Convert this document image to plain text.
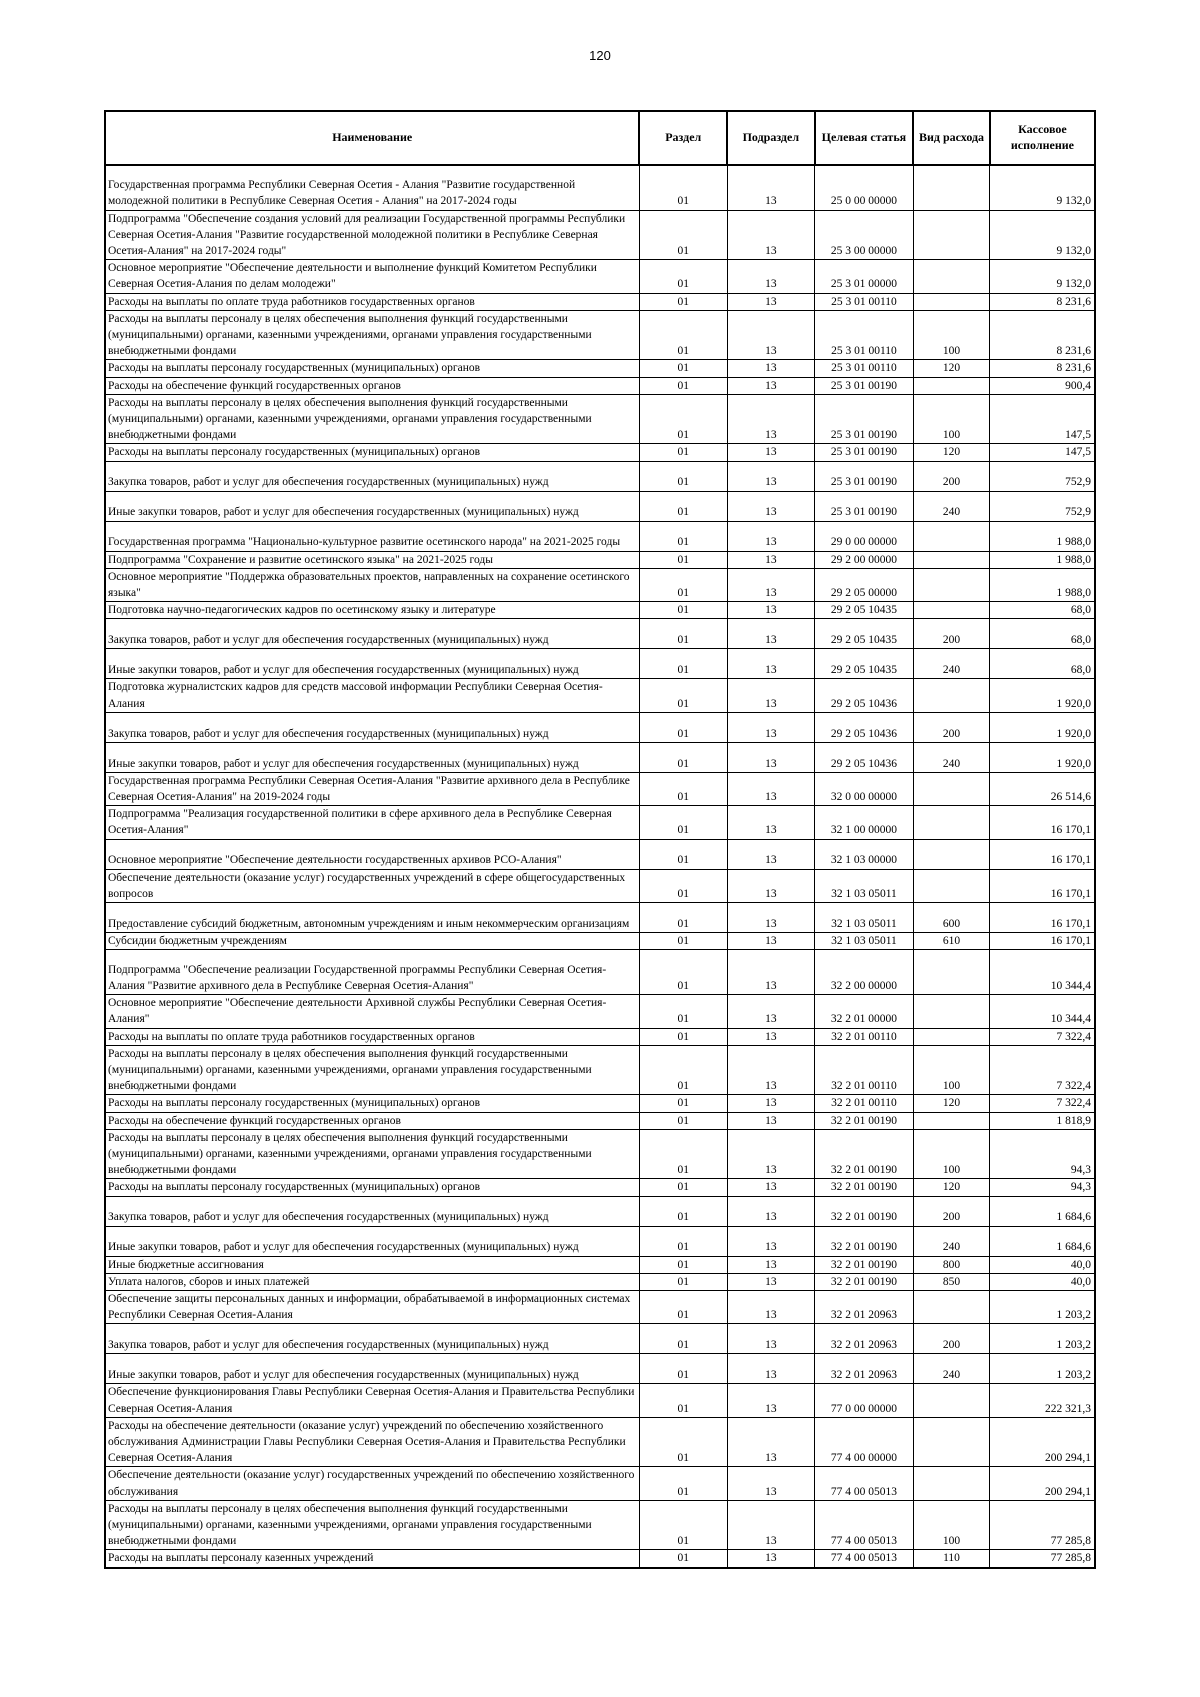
120
Наименование	Раздел	Подраздел	Целевая статья	Вид расхода	Кассовое исполнение
Государственная программа Республики Северная Осетия - Алания "Развитие государственной молодежной политики в Республике Северная Осетия - Алания" на 2017-2024 годы	01	13	25 0 00 00000		9 132,0
Подпрограмма "Обеспечение создания условий для реализации Государственной программы Республики Северная Осетия-Алания "Развитие государственной молодежной политики в Республике Северная Осетия-Алания" на 2017-2024 годы"	01	13	25 3 00 00000		9 132,0
Основное мероприятие "Обеспечение деятельности и выполнение функций Комитетом Республики Северная Осетия-Алания по делам молодежи"	01	13	25 3 01 00000		9 132,0
Расходы на выплаты по оплате труда работников государственных органов	01	13	25 3 01 00110		8 231,6
Расходы на выплаты персоналу в целях обеспечения выполнения функций государственными (муниципальными) органами, казенными учреждениями, органами управления государственными внебюджетными фондами	01	13	25 3 01 00110	100	8 231,6
Расходы на выплаты персоналу государственных (муниципальных) органов	01	13	25 3 01 00110	120	8 231,6
Расходы на обеспечение функций государственных органов	01	13	25 3 01 00190		900,4
Расходы на выплаты персоналу в целях обеспечения выполнения функций государственными (муниципальными) органами, казенными учреждениями, органами управления государственными внебюджетными фондами	01	13	25 3 01 00190	100	147,5
Расходы на выплаты персоналу государственных (муниципальных) органов	01	13	25 3 01 00190	120	147,5
Закупка товаров, работ и услуг для обеспечения государственных (муниципальных) нужд	01	13	25 3 01 00190	200	752,9
Иные закупки товаров, работ и услуг для обеспечения государственных (муниципальных) нужд	01	13	25 3 01 00190	240	752,9
Государственная программа "Национально-культурное развитие осетинского народа" на 2021-2025 годы	01	13	29 0 00 00000		1 988,0
Подпрограмма "Сохранение и развитие осетинского языка" на 2021-2025 годы	01	13	29 2 00 00000		1 988,0
Основное мероприятие "Поддержка образовательных проектов, направленных на сохранение осетинского языка"	01	13	29 2 05 00000		1 988,0
Подготовка научно-педагогических кадров по осетинскому языку и литературе	01	13	29 2 05 10435		68,0
Закупка товаров, работ и услуг для обеспечения государственных (муниципальных) нужд	01	13	29 2 05 10435	200	68,0
Иные закупки товаров, работ и услуг для обеспечения государственных (муниципальных) нужд	01	13	29 2 05 10435	240	68,0
Подготовка журналистских кадров для средств массовой информации Республики Северная Осетия-Алания	01	13	29 2 05 10436		1 920,0
Закупка товаров, работ и услуг для обеспечения государственных (муниципальных) нужд	01	13	29 2 05 10436	200	1 920,0
Иные закупки товаров, работ и услуг для обеспечения государственных (муниципальных) нужд	01	13	29 2 05 10436	240	1 920,0
Государственная программа Республики Северная Осетия-Алания "Развитие архивного дела в Республике Северная Осетия-Алания" на 2019-2024 годы	01	13	32 0 00 00000		26 514,6
Подпрограмма "Реализация государственной политики в сфере архивного дела в Республике Северная Осетия-Алания"	01	13	32 1 00 00000		16 170,1
Основное мероприятие "Обеспечение деятельности государственных архивов РСО-Алания"	01	13	32 1 03 00000		16 170,1
Обеспечение деятельности (оказание услуг) государственных учреждений в сфере общегосударственных вопросов	01	13	32 1 03 05011		16 170,1
Предоставление субсидий бюджетным, автономным учреждениям и иным некоммерческим организациям	01	13	32 1 03 05011	600	16 170,1
Субсидии бюджетным учреждениям	01	13	32 1 03 05011	610	16 170,1
Подпрограмма "Обеспечение реализации Государственной программы Республики Северная Осетия-Алания "Развитие архивного дела в Республике Северная Осетия-Алания"	01	13	32 2 00 00000		10 344,4
Основное мероприятие "Обеспечение деятельности Архивной службы Республики Северная Осетия-Алания"	01	13	32 2 01 00000		10 344,4
Расходы на выплаты по оплате труда работников государственных органов	01	13	32 2 01 00110		7 322,4
Расходы на выплаты персоналу в целях обеспечения выполнения функций государственными (муниципальными) органами, казенными учреждениями, органами управления государственными внебюджетными фондами	01	13	32 2 01 00110	100	7 322,4
Расходы на выплаты персоналу государственных (муниципальных) органов	01	13	32 2 01 00110	120	7 322,4
Расходы на обеспечение функций государственных органов	01	13	32 2 01 00190		1 818,9
Расходы на выплаты персоналу в целях обеспечения выполнения функций государственными (муниципальными) органами, казенными учреждениями, органами управления государственными внебюджетными фондами	01	13	32 2 01 00190	100	94,3
Расходы на выплаты персоналу государственных (муниципальных) органов	01	13	32 2 01 00190	120	94,3
Закупка товаров, работ и услуг для обеспечения государственных (муниципальных) нужд	01	13	32 2 01 00190	200	1 684,6
Иные закупки товаров, работ и услуг для обеспечения государственных (муниципальных) нужд	01	13	32 2 01 00190	240	1 684,6
Иные бюджетные ассигнования	01	13	32 2 01 00190	800	40,0
Уплата налогов, сборов и иных платежей	01	13	32 2 01 00190	850	40,0
Обеспечение защиты персональных данных и информации, обрабатываемой в информационных системах Республики Северная Осетия-Алания	01	13	32 2 01 20963		1 203,2
Закупка товаров, работ и услуг для обеспечения государственных (муниципальных) нужд	01	13	32 2 01 20963	200	1 203,2
Иные закупки товаров, работ и услуг для обеспечения государственных (муниципальных) нужд	01	13	32 2 01 20963	240	1 203,2
Обеспечение функционирования Главы Республики Северная Осетия-Алания и Правительства Республики Северная Осетия-Алания	01	13	77 0 00 00000		222 321,3
Расходы на обеспечение деятельности (оказание услуг) учреждений по обеспечению хозяйственного обслуживания Администрации Главы Республики Северная Осетия-Алания и Правительства Республики Северная Осетия-Алания	01	13	77 4 00 00000		200 294,1
Обеспечение деятельности (оказание услуг) государственных учреждений по обеспечению хозяйственного обслуживания	01	13	77 4 00 05013		200 294,1
Расходы на выплаты персоналу в целях обеспечения выполнения функций государственными (муниципальными) органами, казенными учреждениями, органами управления государственными внебюджетными фондами	01	13	77 4 00 05013	100	77 285,8
Расходы на выплаты персоналу казенных учреждений	01	13	77 4 00 05013	110	77 285,8
